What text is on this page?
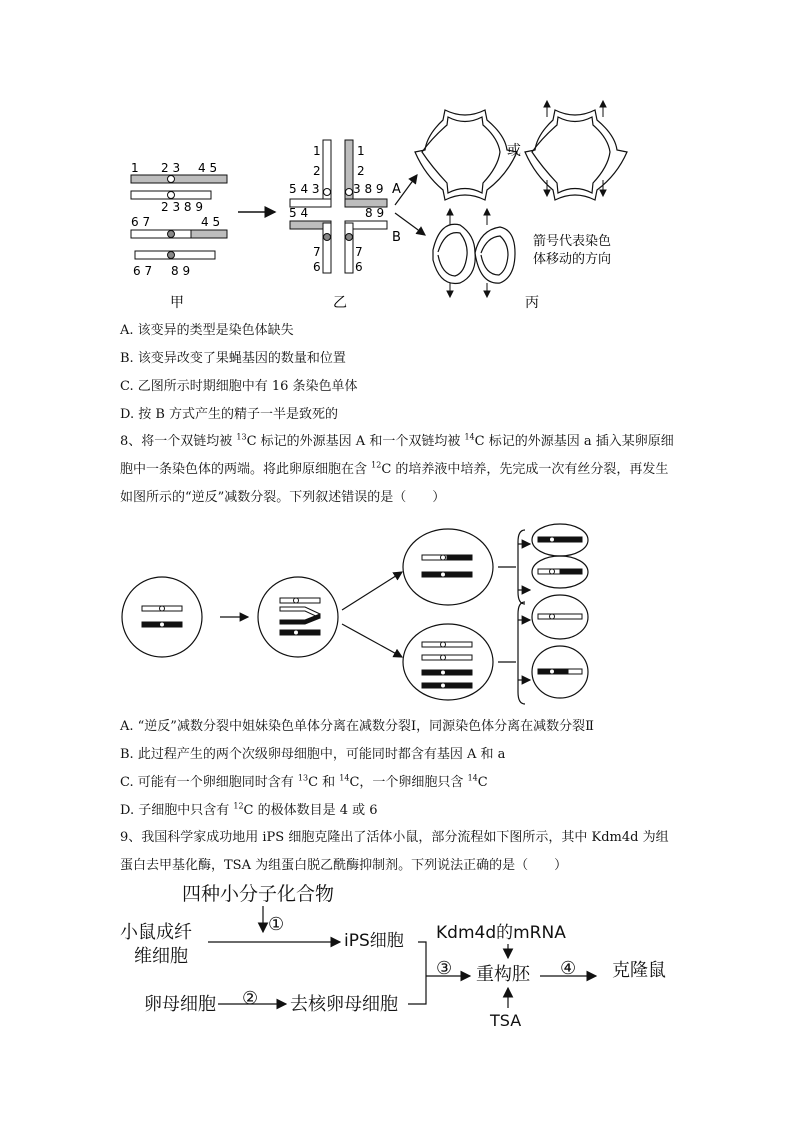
1 2 3 4 5
2 3 8 9
6 7	4 5
6 7 8 9
1
2
1
2
5 4 3	3 8 9
5 4	8 9
7
6
7
6
A
B
或
箭号代表染色
体移动的方向
甲	乙	丙
A. 该变异的类型是染色体缺失
B. 该变异改变了果蝇基因的数量和位置
C. 乙图所示时期细胞中有 16 条染色单体
D. 按 B 方式产生的精子一半是致死的
8、将一个双链均被 $^{13}$C 标记的外源基因 A 和一个双链均被 $^{14}$C 标记的外源基因 a 插入某卵原细胞中一条染色体的两端。将此卵原细胞在含 $^{12}$C 的培养液中培养，先完成一次有丝分裂，再发生如图所示的“逆反”减数分裂。下列叙述错误的是（　　）
A. “逆反”减数分裂中姐妹染色单体分离在减数分裂Ⅰ，同源染色体分离在减数分裂Ⅱ
B. 此过程产生的两个次级卵母细胞中，可能同时都含有基因 A 和 a
C. 可能有一个卵细胞同时含有 $^{13}$C 和 $^{14}$C，一个卵细胞只含 $^{14}$C
D. 子细胞中只含有 $^{12}$C 的极体数目是 4 或 6
9、我国科学家成功地用 iPS 细胞克隆出了活体小鼠，部分流程如下图所示，其中 Kdm4d 为组蛋白去甲基化酶，TSA 为组蛋白脱乙酰酶抑制剂。下列说法正确的是（　　）
四种小分子化合物
小鼠成纤
维细胞
①
iPS细胞 Kdm4d的mRNA
③ 重构胚 ④
卵母细胞 ② 去核卵母细胞
TSA
克隆鼠
